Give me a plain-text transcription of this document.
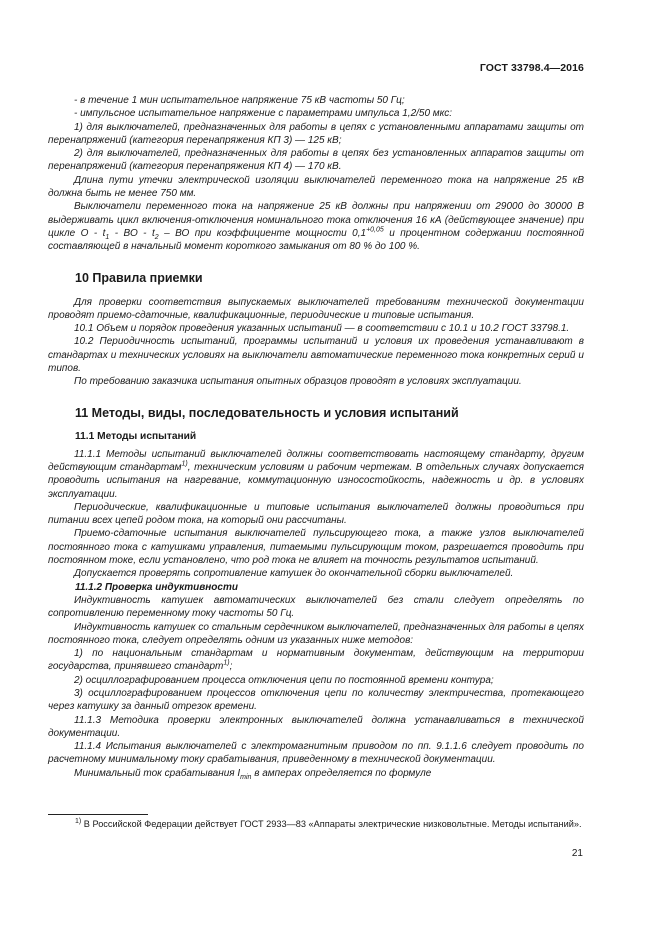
ГОСТ 33798.4—2016

- в течение 1 мин испытательное напряжение 75 кВ частоты 50 Гц;

- импульсное испытательное напряжение с параметрами импульса 1,2/50 мкс:

1) для выключателей, предназначенных для работы в цепях с установленными аппаратами защиты от перенапряжений (категория перенапряжения КП 3) — 125 кВ;

2) для выключателей, предназначенных для работы в цепях без установленных аппаратов защиты от перенапряжений (категория перенапряжения КП 4) — 170 кВ.

Длина пути утечки электрической изоляции выключателей переменного тока на напряжение 25 кВ должна быть не менее 750 мм.

Выключатели переменного тока на напряжение 25 кВ должны при напряжении от 29000 до 30000 В выдерживать цикл включения-отключения номинального тока отключения 16 кА (действующее значение) при цикле О - $t_1$ - ВО - $t_2$ – ВО при коэффициенте мощности $0,1^{+0,05}$ и процентном содержании постоянной составляющей в начальный момент короткого замыкания от 80 % до 100 %.

10 Правила приемки

Для проверки соответствия выпускаемых выключателей требованиям технической документации проводят приемо-сдаточные, квалификационные, периодические и типовые испытания.

10.1 Объем и порядок проведения указанных испытаний — в соответствии с 10.1 и 10.2 ГОСТ 33798.1.

10.2 Периодичность испытаний, программы испытаний и условия их проведения устанавливают в стандартах и технических условиях на выключатели автоматические переменного тока конкретных серий и типов.

По требованию заказчика испытания опытных образцов проводят в условиях эксплуатации.

11 Методы, виды, последовательность и условия испытаний

11.1 Методы испытаний

11.1.1 Методы испытаний выключателей должны соответствовать настоящему стандарту, другим действующим стандартам$^{1)}$, техническим условиям и рабочим чертежам. В отдельных случаях допускается проводить испытания на нагревание, коммутационную износостойкость, надежность и др. в условиях эксплуатации.

Периодические, квалификационные и типовые испытания выключателей должны проводиться при питании всех цепей родом тока, на который они рассчитаны.

Приемо-сдаточные испытания выключателей пульсирующего тока, а также узлов выключателей постоянного тока с катушками управления, питаемыми пульсирующим током, разрешается проводить при постоянном токе, если установлено, что род тока не влияет на точность результатов испытаний.

Допускается проверять сопротивление катушек до окончательной сборки выключателей.

11.1.2 Проверка индуктивности

Индуктивность катушек автоматических выключателей без стали следует определять по сопротивлению переменному току частоты 50 Гц.

Индуктивность катушек со стальным сердечником выключателей, предназначенных для работы в цепях постоянного тока, следует определять одним из указанных ниже методов:

1) по национальным стандартам и нормативным документам, действующим на территории государства, принявшего стандарт$^{1)}$;

2) осциллографированием процесса отключения цепи по постоянной времени контура;

3) осциллографированием процессов отключения цепи по количеству электричества, протекающего через катушку за данный отрезок времени.

11.1.3 Методика проверки электронных выключателей должна устанавливаться в технической документации.

11.1.4 Испытания выключателей с электромагнитным приводом по пп. 9.1.1.6 следует проводить по расчетному минимальному току срабатывания, приведенному в технической документации.

Минимальный ток срабатывания $I_{min}$ в амперах определяется по формуле

$^{1)}$ В Российской Федерации действует ГОСТ 2933—83 «Аппараты электрические низковольтные. Методы испытаний».
21
